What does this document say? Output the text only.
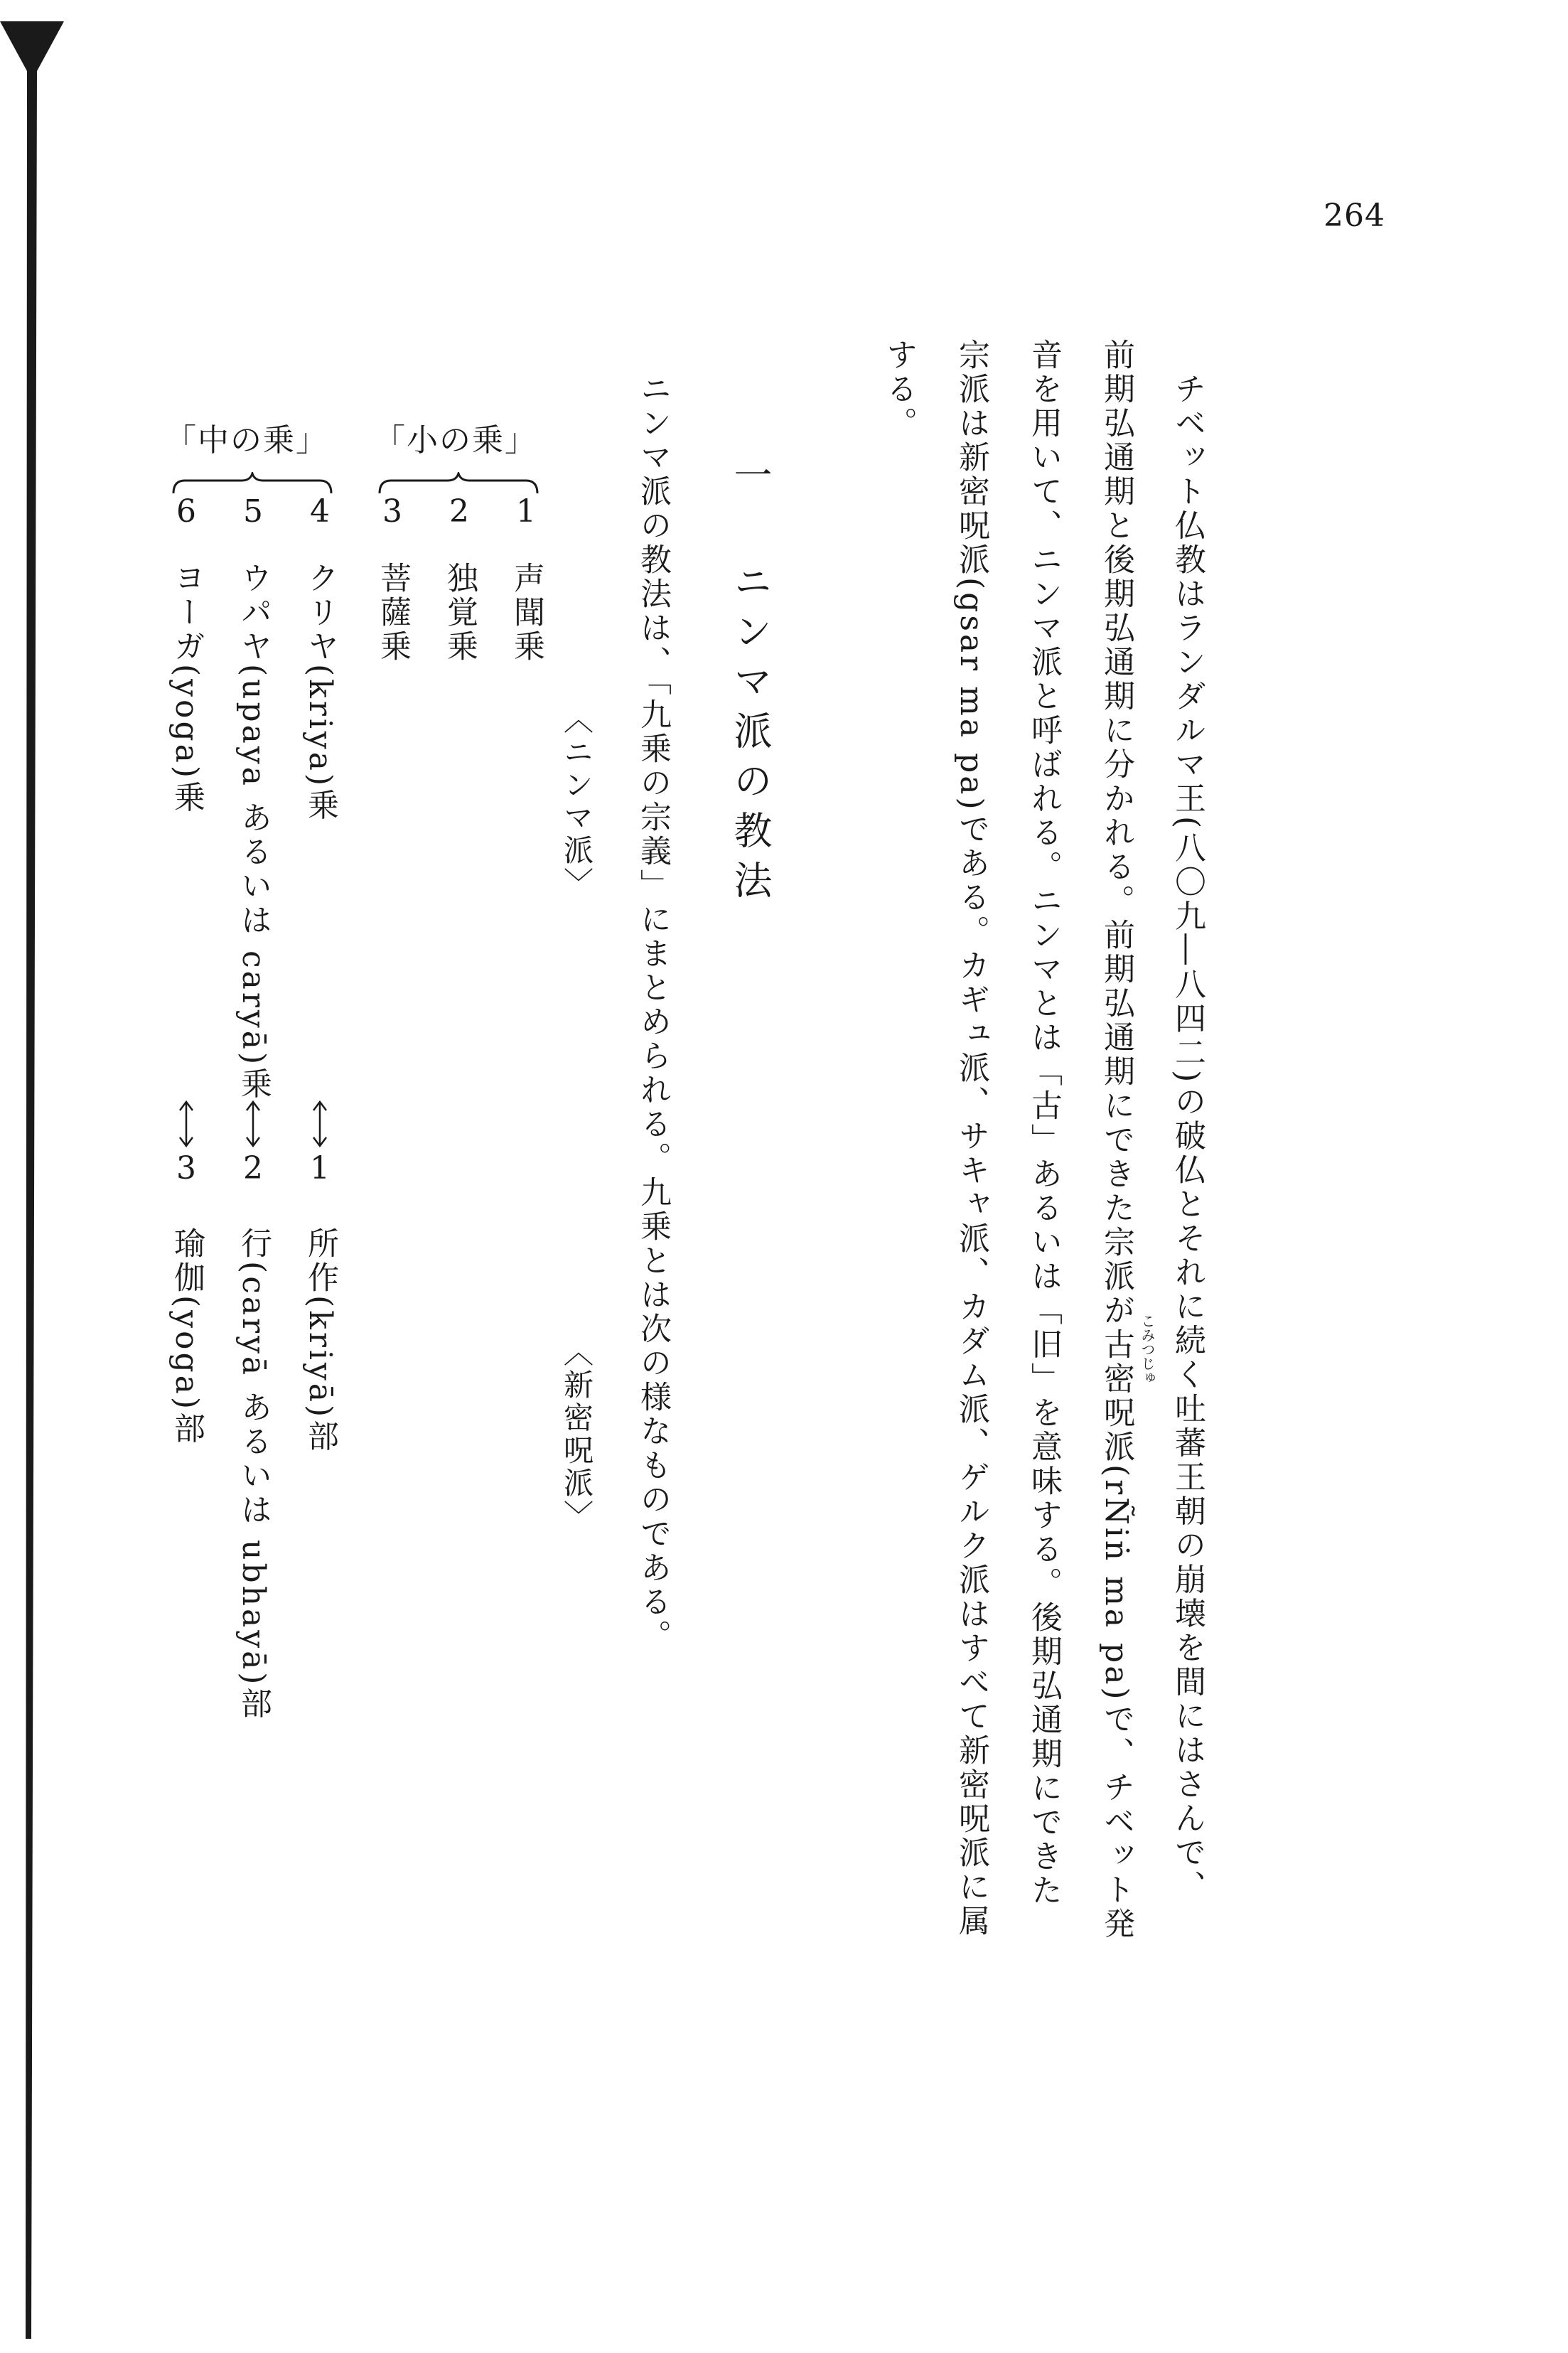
264
チベット仏教はランダルマ王(八〇九―八四二)の破仏とそれに続く吐蕃王朝の崩壊を間にはさんで、
前期弘通期と後期弘通期に分かれる。前期弘通期にできた宗派が古密呪派(rÑiṅ ma pa)で、チベット発 こみつじゅ
音を用いて、ニンマ派と呼ばれる。ニンマとは「古」あるいは「旧」を意味する。後期弘通期にできた
宗派は新密呪派(gsar ma pa)である。カギュ派、サキャ派、カダム派、ゲルク派はすべて新密呪派に属
する。
一
ニンマ派の教法
ニンマ派の教法は、「九乗の宗義」にまとめられる。九乗とは次の様なものである。
〈ニンマ派〉
〈新密呪派〉
「小の乗」
「中の乗」
1
2
3
4
5
6
声聞乗
独覚乗
菩薩乗
クリヤ(kriya)乗
ウパヤ(upaya あるいは caryā)乗
ヨーガ(yoga)乗
1
2
3
所作(kriyā)部
行(caryā あるいは ubhayā)部
瑜伽(yoga)部
